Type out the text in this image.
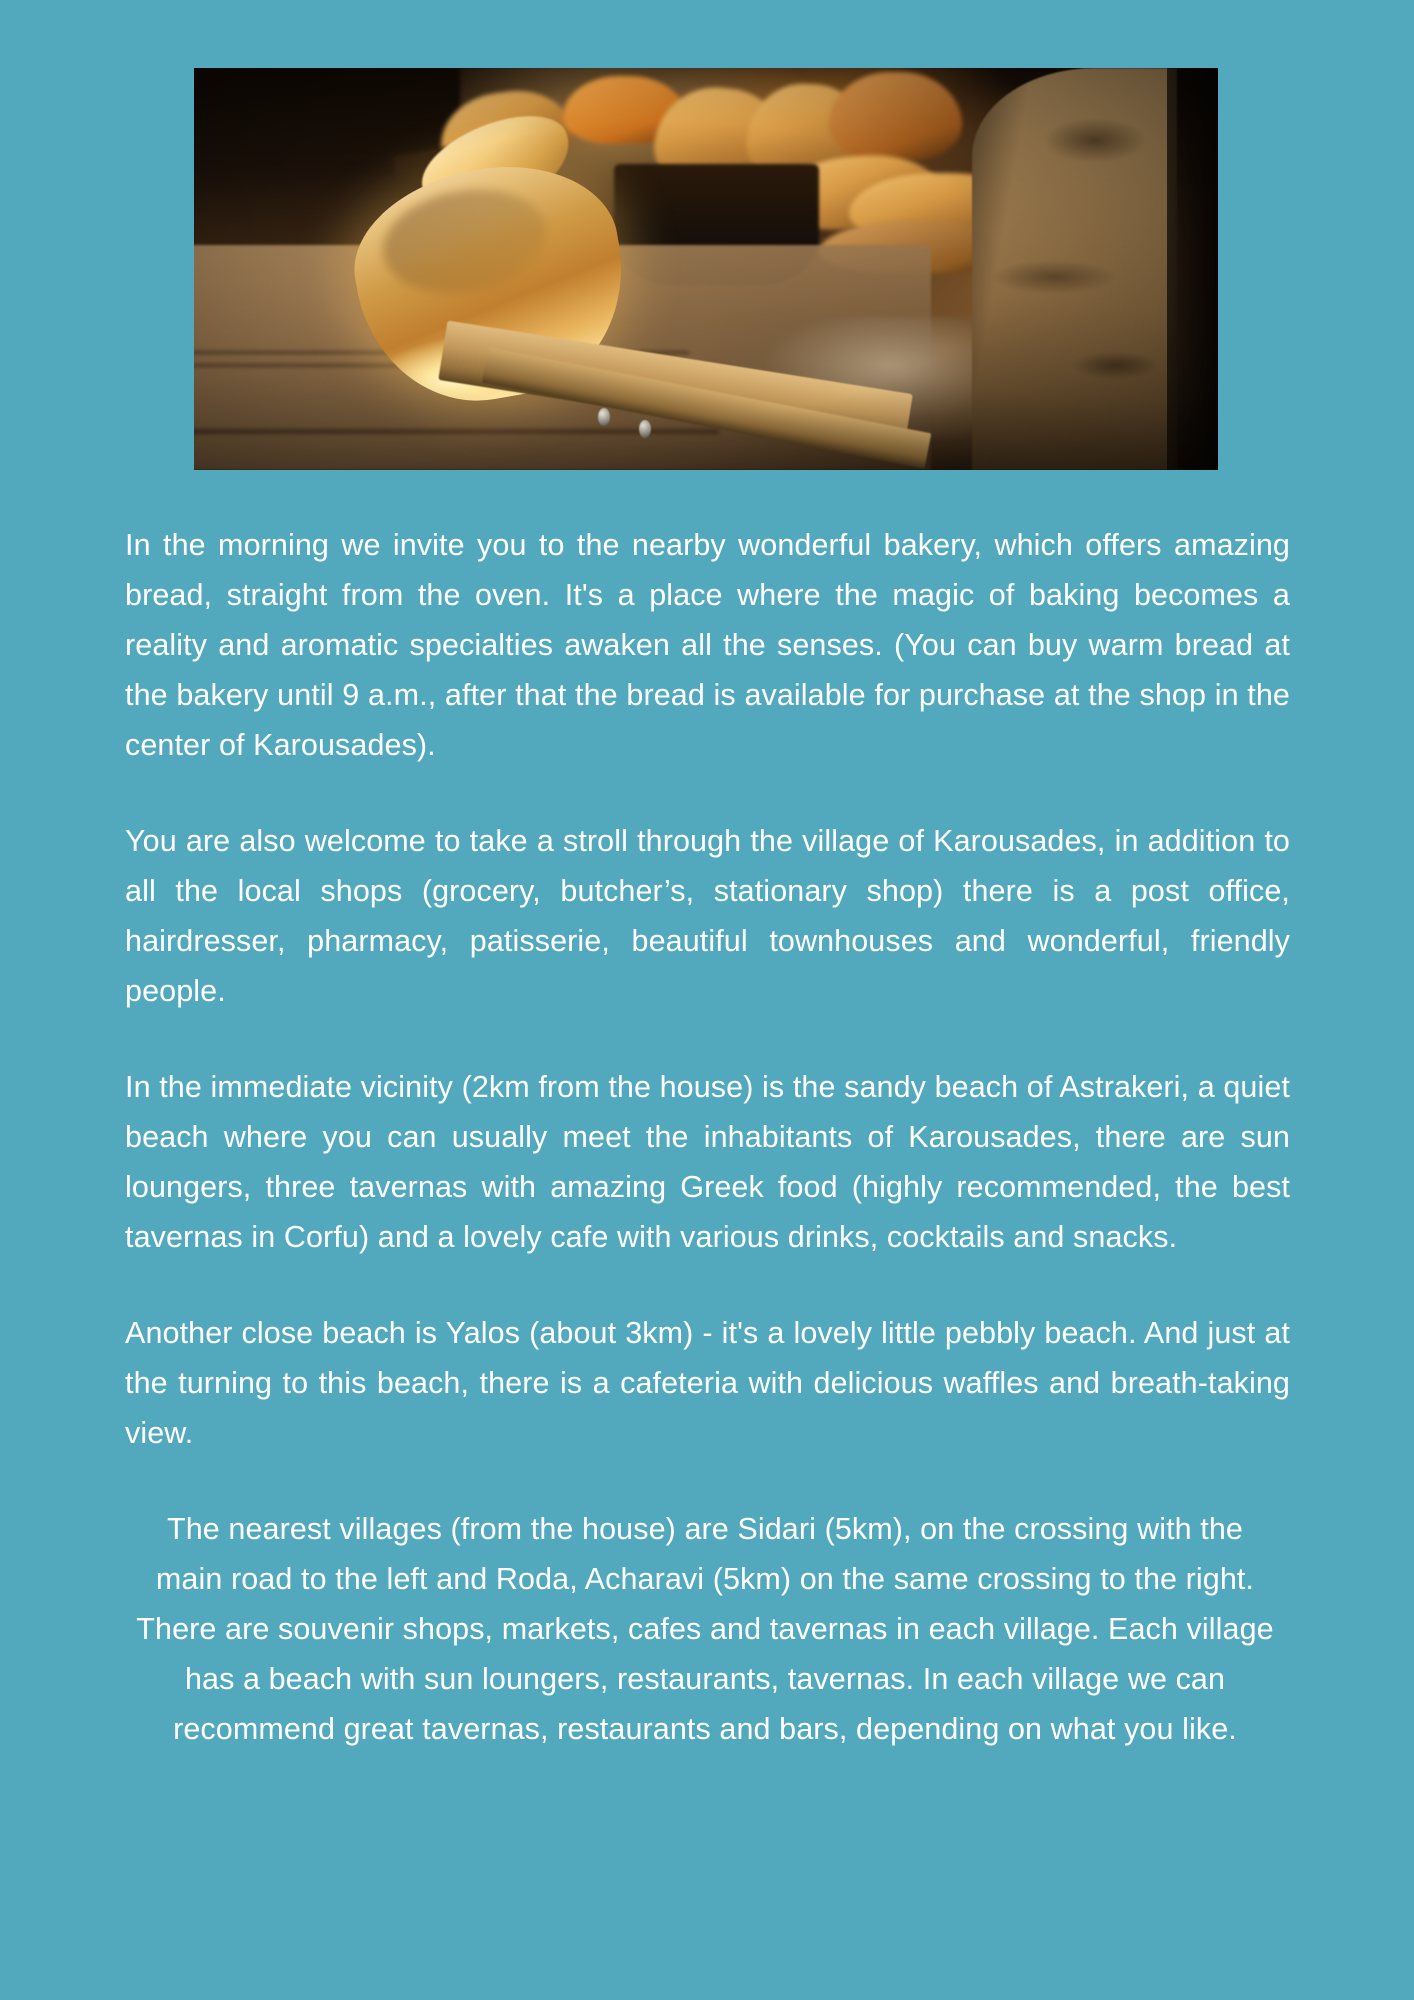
In the morning we invite you to the nearby wonderful bakery, which offers amazing bread, straight from the oven. It's a place where the magic of baking becomes a reality and aromatic specialties awaken all the senses. (You can buy warm bread at the bakery until 9 a.m., after that the bread is available for purchase at the shop in the center of Karousades).

You are also welcome to take a stroll through the village of Karousades, in addition to all the local shops (grocery, butcher’s, stationary shop) there is a post office, hairdresser, pharmacy, patisserie, beautiful townhouses and wonderful, friendly people.

In the immediate vicinity (2km from the house) is the sandy beach of Astrakeri, a quiet beach where you can usually meet the inhabitants of Karousades, there are sun loungers, three tavernas with amazing Greek food (highly recommended, the best tavernas in Corfu) and a lovely cafe with various drinks, cocktails and snacks.

Another close beach is Yalos (about 3km) - it's a lovely little pebbly beach. And just at the turning to this beach, there is a cafeteria with delicious waffles and breath-taking view.

The nearest villages (from the house) are Sidari (5km), on the crossing with the main road to the left and Roda, Acharavi (5km) on the same crossing to the right. There are souvenir shops, markets, cafes and tavernas in each village. Each village has a beach with sun loungers, restaurants, tavernas. In each village we can recommend great tavernas, restaurants and bars, depending on what you like.
